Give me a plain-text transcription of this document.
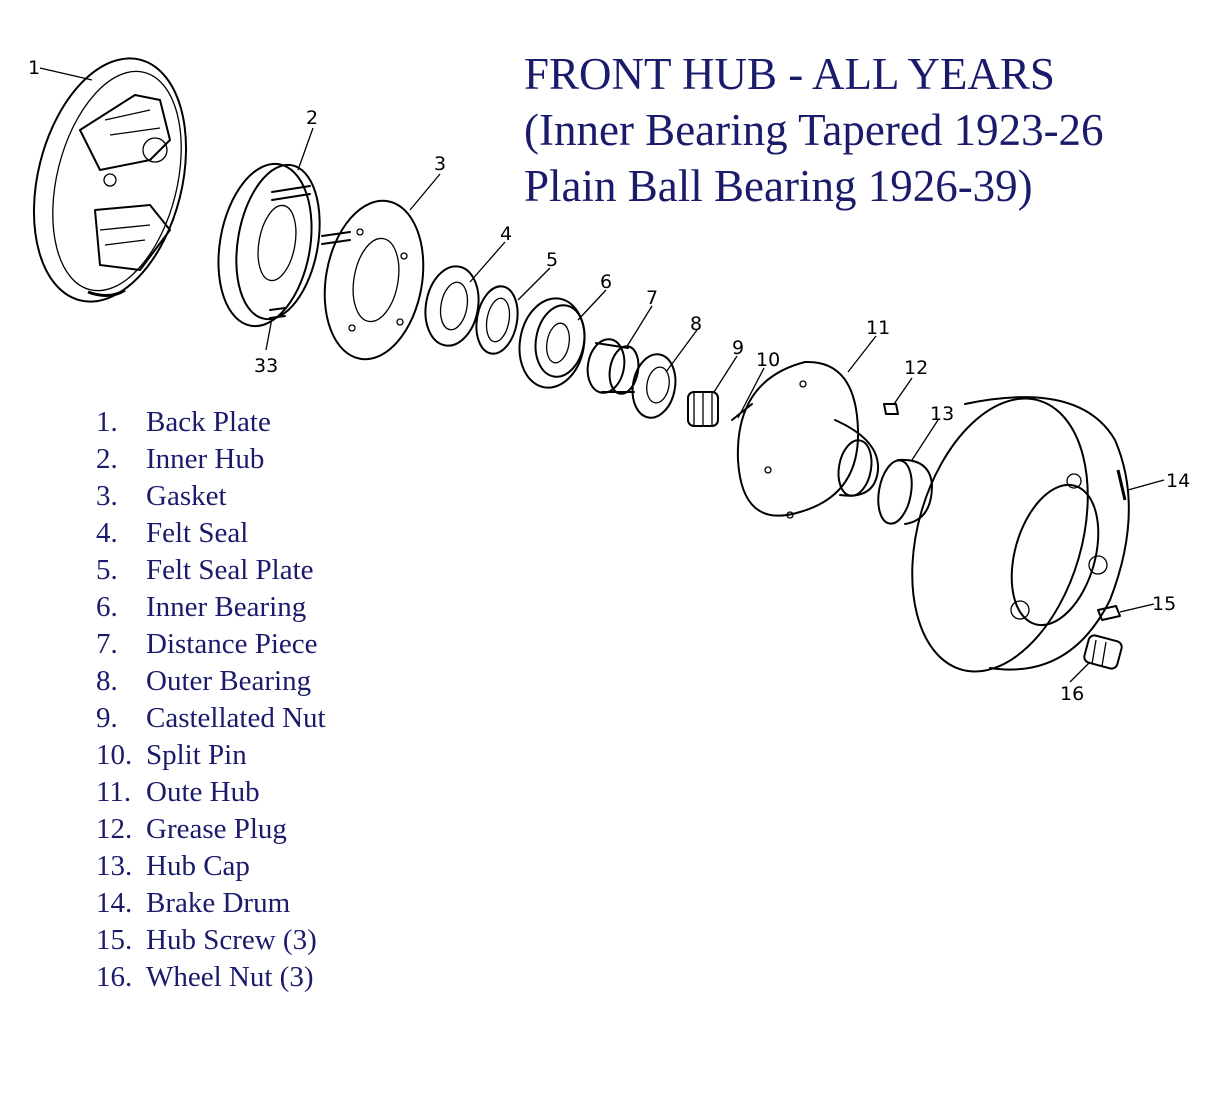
1
2
3
4
5
6
7
8
9
10
11
12
13
14
15
16
33
FRONT HUB - ALL YEARS
(Inner Bearing Tapered 1923-26
Plain Ball Bearing 1926-39)
1. Back Plate
2. Inner Hub
3. Gasket
4. Felt Seal
5. Felt Seal Plate
6. Inner Bearing
7. Distance Piece
8. Outer Bearing
9. Castellated Nut
10. Split Pin
11. Oute Hub
12. Grease Plug
13. Hub Cap
14. Brake Drum
15. Hub Screw (3)
16. Wheel Nut (3)
